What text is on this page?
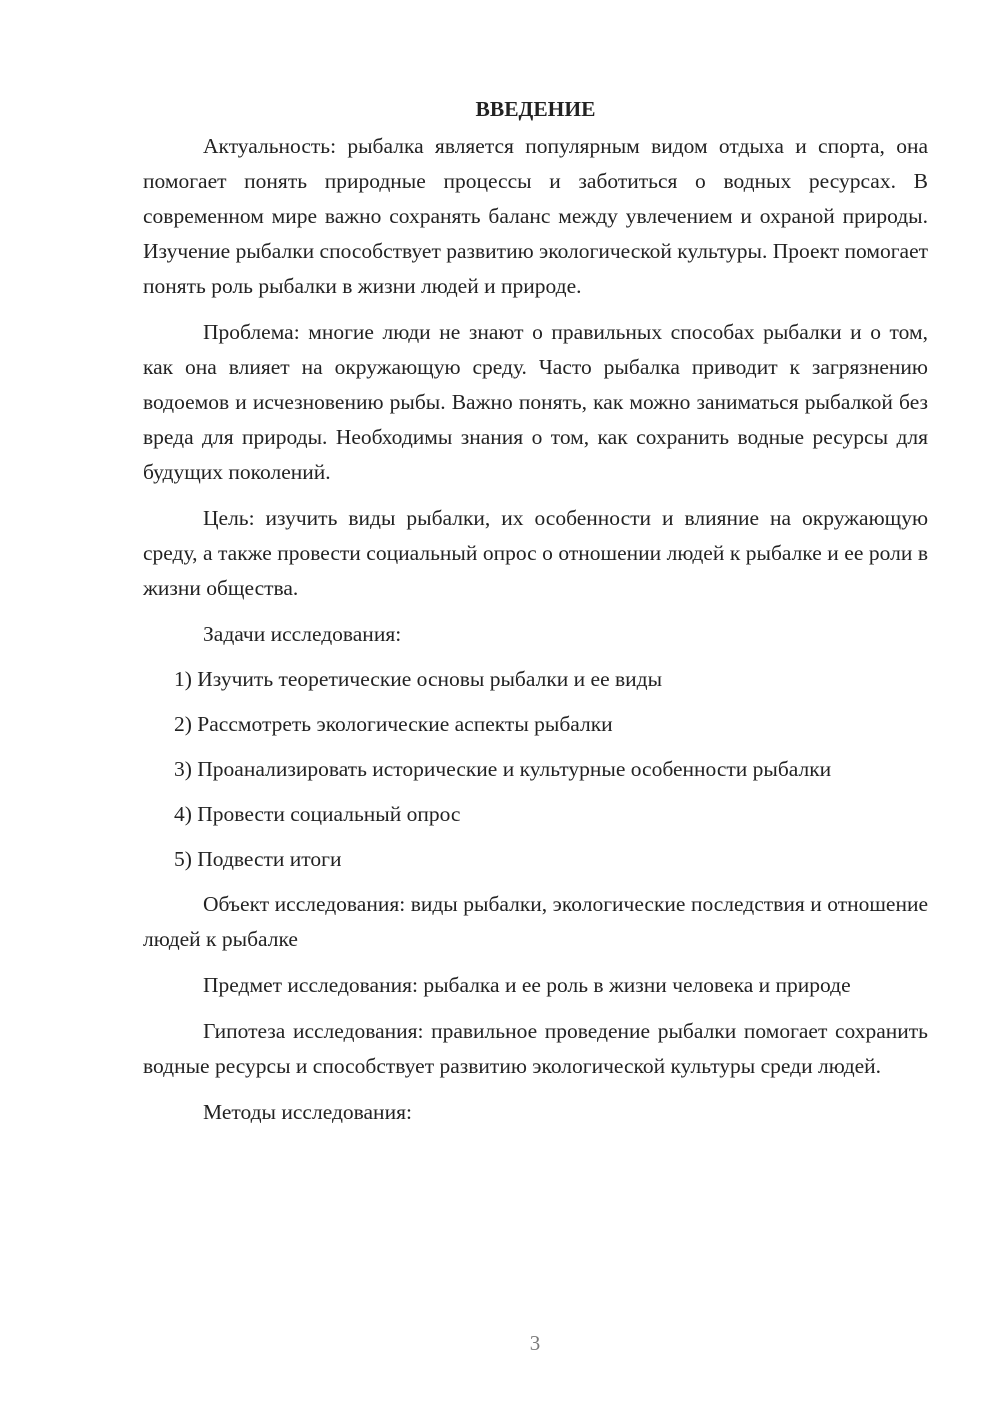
ВВЕДЕНИЕ

Актуальность: рыбалка является популярным видом отдыха и спорта, она помогает понять природные процессы и заботиться о водных ресурсах. В современном мире важно сохранять баланс между увлечением и охраной природы. Изучение рыбалки способствует развитию экологической культуры. Проект помогает понять роль рыбалки в жизни людей и природе.

Проблема: многие люди не знают о правильных способах рыбалки и о том, как она влияет на окружающую среду. Часто рыбалка приводит к загрязнению водоемов и исчезновению рыбы. Важно понять, как можно заниматься рыбалкой без вреда для природы. Необходимы знания о том, как сохранить водные ресурсы для будущих поколений.

Цель: изучить виды рыбалки, их особенности и влияние на окружающую среду, а также провести социальный опрос о отношении людей к рыбалке и ее роли в жизни общества.

Задачи исследования:

1) Изучить теоретические основы рыбалки и ее виды

2) Рассмотреть экологические аспекты рыбалки

3) Проанализировать исторические и культурные особенности рыбалки

4) Провести социальный опрос

5) Подвести итоги

Объект исследования: виды рыбалки, экологические последствия и отношение людей к рыбалке

Предмет исследования: рыбалка и ее роль в жизни человека и природе

Гипотеза исследования: правильное проведение рыбалки помогает сохранить водные ресурсы и способствует развитию экологической культуры среди людей.

Методы исследования:

3
